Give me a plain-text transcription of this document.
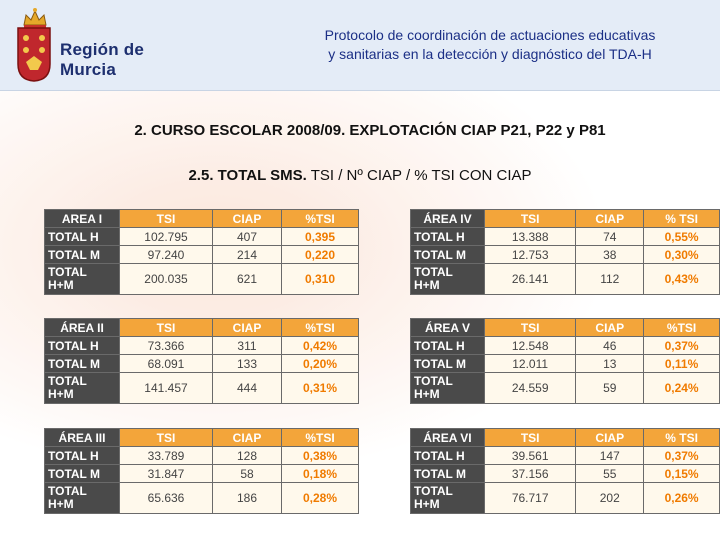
Región de Murcia
Protocolo de coordinación de actuaciones educativas
y sanitarias en la detección y diagnóstico del TDA-H
2. CURSO ESCOLAR 2008/09. EXPLOTACIÓN CIAP P21, P22 y P81
2.5. TOTAL SMS. TSI / Nº CIAP / % TSI CON CIAP
AREA I	TSI	CIAP	%TSI
TOTAL H	102.795	407	0,395
TOTAL M	97.240	214	0,220

TOTAL
H+M	200.035	621	0,310
ÁREA IV	TSI	CIAP	% TSI
TOTAL H	13.388	74	0,55%
TOTAL M	12.753	38	0,30%

TOTAL
H+M	26.141	112	0,43%
ÁREA II	TSI	CIAP	%TSI
TOTAL H	73.366	311	0,42%
TOTAL M	68.091	133	0,20%

TOTAL
H+M	141.457	444	0,31%
ÁREA V	TSI	CIAP	%TSI
TOTAL H	12.548	46	0,37%
TOTAL M	12.011	13	0,11%

TOTAL
H+M	24.559	59	0,24%
ÁREA III	TSI	CIAP	%TSI
TOTAL H	33.789	128	0,38%
TOTAL M	31.847	58	0,18%

TOTAL
H+M	65.636	186	0,28%
ÁREA VI	TSI	CIAP	% TSI
TOTAL H	39.561	147	0,37%
TOTAL M	37.156	55	0,15%

TOTAL
H+M	76.717	202	0,26%
